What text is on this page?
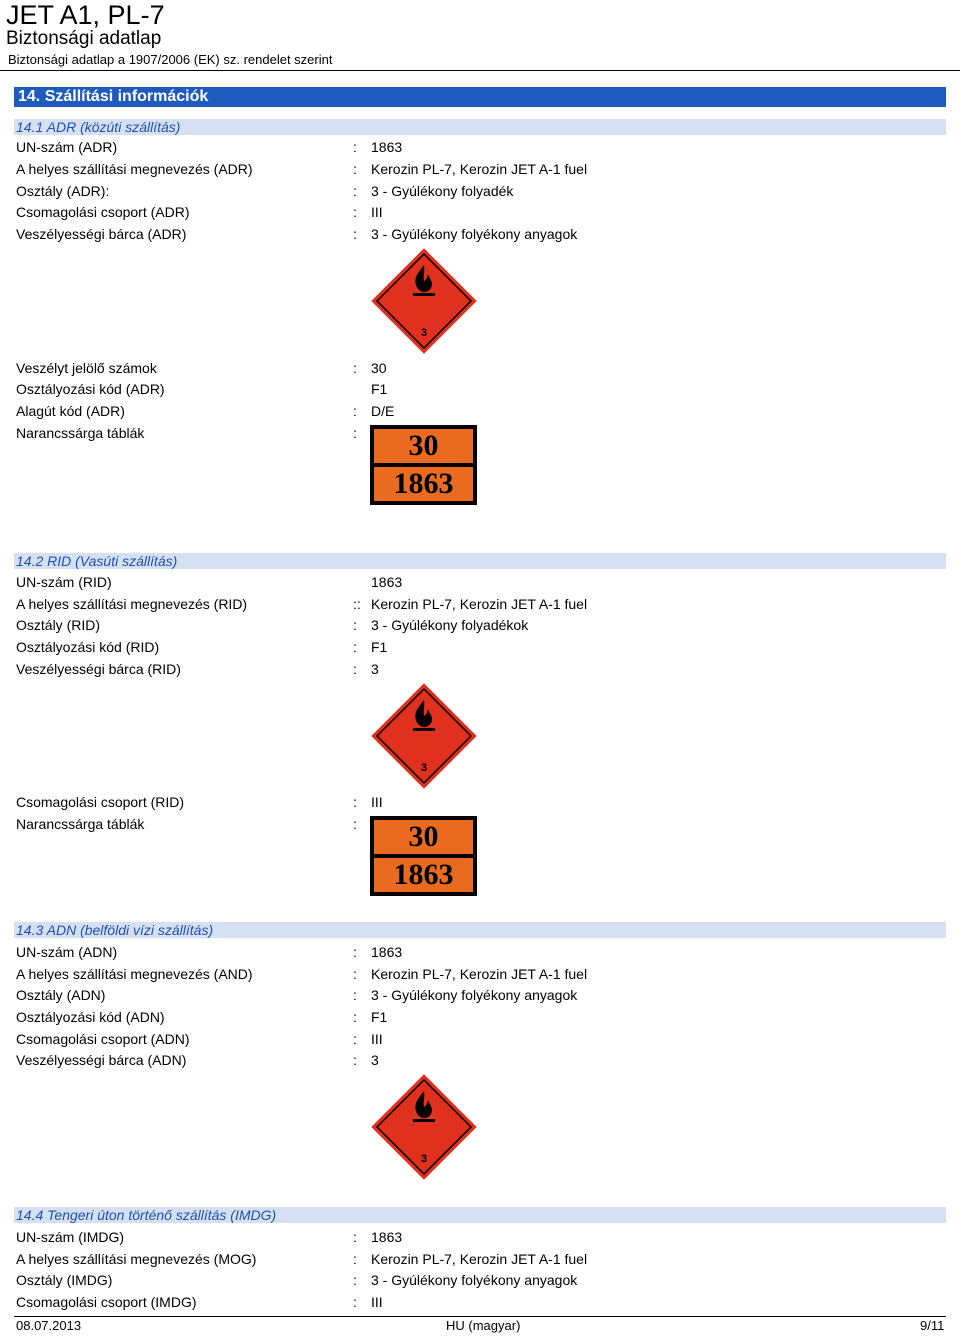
JET A1, PL-7
Biztonsági adatlap
Biztonsági adatlap a 1907/2006 (EK) sz. rendelet szerint
14. Szállítási információk
14.1 ADR (közúti szállítás)
UN-szám (ADR)	: 1863
A helyes szállítási megnevezés (ADR)	: Kerozin PL-7, Kerozin JET A-1 fuel
Osztály (ADR):	: 3 - Gyúlékony folyadék
Csomagolási csoport (ADR)	: III
Veszélyességi bárca (ADR)	: 3 - Gyúlékony folyékony anyagok
3
Veszélyt jelölő számok	: 30
Osztályozási kód (ADR)	F1
Alagút kód (ADR)	: D/E
Narancssárga táblák	:	30
1863
14.2 RID (Vasúti szállítás)
UN-szám (RID)	1863
A helyes szállítási megnevezés (RID)	:: Kerozin PL-7, Kerozin JET A-1 fuel
Osztály (RID)	: 3 - Gyúlékony folyadékok
Osztályozási kód (RID)	: F1
Veszélyességi bárca (RID)	: 3
3
Csomagolási csoport (RID)	: III
Narancssárga táblák	:	30
1863
14.3 ADN (belföldi vízi szállítás)
UN-szám (ADN)	: 1863
A helyes szállítási megnevezés (AND)	: Kerozin PL-7, Kerozin JET A-1 fuel
Osztály (ADN)	: 3 - Gyúlékony folyékony anyagok
Osztályozási kód (ADN)	: F1
Csomagolási csoport (ADN)	: III
Veszélyességi bárca (ADN)	: 3
3
14.4 Tengeri úton történő szállítás (IMDG)
UN-szám (IMDG)	: 1863
A helyes szállítási megnevezés (MOG)	: Kerozin PL-7, Kerozin JET A-1 fuel
Osztály (IMDG)	: 3 - Gyúlékony folyékony anyagok
Csomagolási csoport (IMDG)	: III
08.07.2013	HU (magyar)	9/11
